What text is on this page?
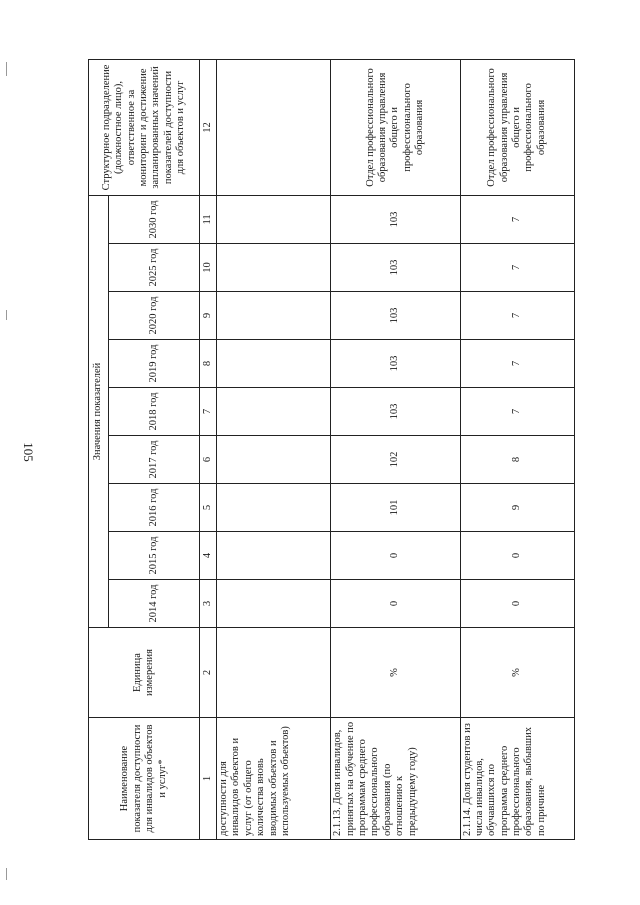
105
Наименование показателя доступности для инвалидов объектов и услуг*	Единица измерения	Значения показателей									Структурное подразделение (должностное лицо), ответственное за мониторинг и достижение запланированных значений показателей доступности для объектов и услуг
		2014 год	2015 год	2016 год	2017 год	2018 год	2019 год	2020 год	2025 год	2030 год	
1	2	3	4	5	6	7	8	9	10	11	12
доступности для инвалидов объектов и услуг (от общего количества вновь вводимых объектов и используемых объектов)											
2.1.13. Доля инвалидов, принятых на обучение по программам среднего профессионального образования (по отношению к предыдущему году)	%	0	0	101	102	103	103	103	103	103	Отдел профессионального образования управления общего и профессионального образования
2.1.14. Доля студентов из числа инвалидов, обучавшихся по программа среднего профессионального образования, выбывших по причине	%	0	0	9	8	7	7	7	7	7	Отдел профессионального образования управления общего и профессионального образования
